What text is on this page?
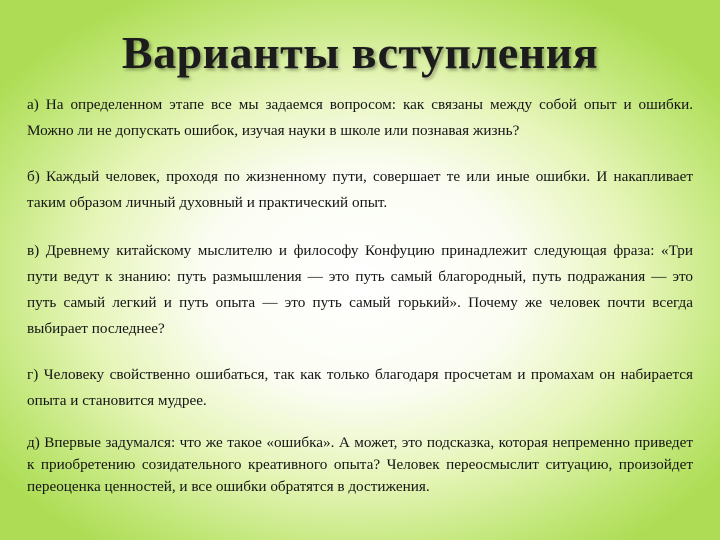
Варианты вступления

а) На определенном этапе все мы задаемся вопросом: как связаны между собой опыт и ошибки. Можно ли не допускать ошибок, изучая науки в школе или познавая жизнь?

б) Каждый человек, проходя по жизненному пути, совершает те или иные ошибки. И накапливает таким образом личный духовный и практический опыт.

в) Древнему китайскому мыслителю и философу Конфуцию принадлежит следующая фраза: «Три пути ведут к знанию: путь размышления — это путь самый благородный, путь подражания — это путь самый легкий и путь опыта — это путь самый горький». Почему же человек почти всегда выбирает последнее?

г) Человеку свойственно ошибаться, так как только благодаря просчетам и промахам он набирается опыта и становится мудрее.

д) Впервые задумался: что же такое «ошибка». А может, это подсказка, которая непременно приведет к приобретению созидательного креативного опыта? Человек переосмыслит ситуацию, произойдет переоценка ценностей, и все ошибки обратятся в достижения.
